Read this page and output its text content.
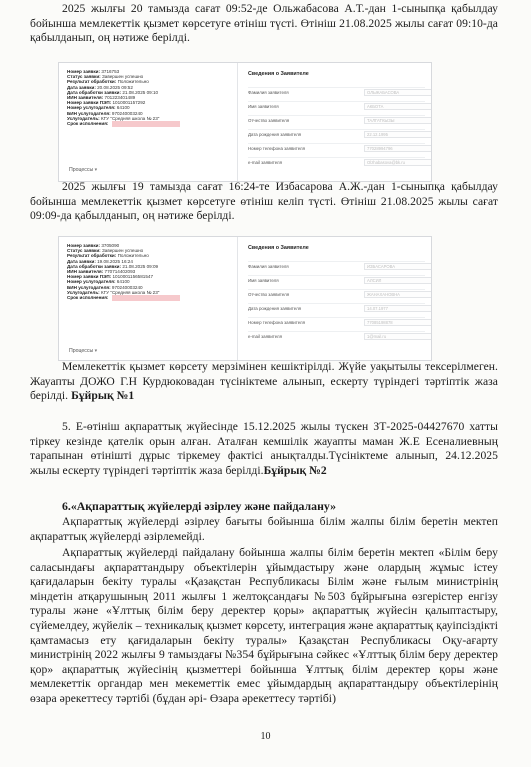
2025 жылғы 20 тамызда сағат 09:52-де Ольжабасова А.Т.-дан 1-сыныпқа қабылдау бойынша мемлекеттік қызмет көрсетуге өтініш түсті. Өтініш 21.08.2025 жылы сағат 09:10-да қабылданып, оң нәтиже берілді.

Номер заявки: 3716753
Статус заявки: Завершен успешно
Результат обработки: Положительно
Дата заявки: 20.08.2025 09:52
Дата обработки заявки: 21.08.2025 09:10
ИИН заявителя: 701223401489
Номер заявки ПЭП: 1010001157292
Номер услугодателя: 64100
БИН услугодателя: 970240003240
Услугодатель: КГУ "Средняя школа № 23"
Срок исполнения:
Процессы ▾
Сведения о Заявителе
Фамилия заявителя	ОЛЬЖАБАСОВА
Имя заявителя	АКБОТА
Отчество заявителя	ТАЛГАТКЫЗЫ
Дата рождения заявителя	22.12.1995
Номер телефона заявителя	77028994796
e-mail заявителя	Olzhabasova@bk.ru

2025 жылғы 19 тамызда сағат 16:24-те Избасарова А.Ж.-дан 1-сыныпқа қабылдау бойынша мемлекеттік қызмет көрсетуге өтініш келіп түсті. Өтініш 21.08.2025 жылы сағат 09:09-да қабылданып, оң нәтиже берілді.

Номер заявки: 3705090
Статус заявки: Завершен успешно
Результат обработки: Положительно
Дата заявки: 19.08.2025 16:24
Дата обработки заявки: 21.08.2025 09:09
ИИН заявителя: 770714402093
Номер заявки ПЭП: 1010001156581547
Номер услугодателя: 64100
БИН услугодателя: 970240003240
Услугодатель: КГУ "Средняя школа № 23"
Срок исполнения:
Процессы ▾
Сведения о Заявителе
Фамилия заявителя	ИЗБАСАРОВА
Имя заявителя	АЛСИЛ
Отчество заявителя	ЖАНАХАНОВНА
Дата рождения заявителя	14.07.1977
Номер телефона заявителя	77085198878
e-mail заявителя	1@mail.ru

Мемлекеттік қызмет көрсету мерзімінен кешіктірілді. Жүйе уақытылы тексерілмеген. Жауапты ДОЖО Г.Н Курдюковадан түсініктеме алынып, ескерту түріндегі тәртіптік жаза берілді. Бұйрық №1

5. Е-өтініш ақпараттық жүйесінде 15.12.2025 жылы түскен ЗТ-2025-04427670 хатты тіркеу кезінде қателік орын алған. Аталған кемшілік жауапты маман Ж.Е Есеналиевның тарапынан өтінішті дұрыс тіркемеу фактісі анықталды.Түсініктеме алынып, 24.12.2025 жылы ескерту түріндегі тәртіптік жаза берілді.Бұйрық №2

6.«Ақпараттық жүйелерді әзірлеу және пайдалану»

Ақпараттық жүйелерді әзірлеу бағыты бойынша білім жалпы білім беретін мектеп ақпараттық жүйелерді әзірлемейді.

Ақпараттық жүйелерді пайдалану бойынша жалпы білім беретін мектеп «Білім беру саласындағы ақпараттандыру объектілерін ұйымдастыру және олардың жұмыс істеу қағидаларын бекіту туралы «Қазақстан Республикасы Білім және ғылым министрінің міндетін атқарушының 2011 жылғы 1 желтоқсандағы №503 бұйрығына өзгерiстер енгізу туралы және «Ұлттық білім беру деректер қоры» ақпараттық жүйесін қалыптастыру, сүйемелдеу, жүйелік – техникалық қызмет көрсету, интеграция және ақпараттық қауіпсіздікті қамтамасыз ету қағидаларын бекіту туралы» Қазақстан Республикасы Оқу-ағарту министрінің 2022 жылғы 9 тамыздағы №354 бұйрығына сәйкес «Ұлттық білім беру деректер қор» ақпараттық жүйесінің қызметтері бойынша Ұлттық білім деректер қоры және мемлекеттік органдар мен мекеметтік емес ұйымдардың ақпараттандыру объектілерінің өзара әрекеттесу тәртібі (бұдан әрі- Өзара әрекеттесу тәртібі)

10
